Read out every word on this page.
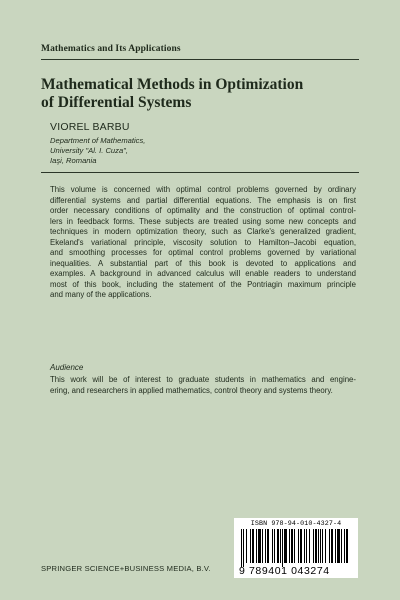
Mathematics and Its Applications
Mathematical Methods in Optimization
of Differential Systems
VIOREL BARBU
Department of Mathematics,
University "Al. I. Cuza",
Iaşi, Romania
This volume is concerned with optimal control problems governed by ordinary
differential systems and partial differential equations. The emphasis is on first
order necessary conditions of optimality and the construction of optimal control-
lers in feedback forms. These subjects are treated using some new concepts and
techniques in modern optimization theory, such as Clarke's generalized gradient,
Ekeland's variational principle, viscosity solution to Hamilton–Jacobi equation,
and smoothing processes for optimal control problems governed by variational
inequalities. A substantial part of this book is devoted to applications and
examples. A background in advanced calculus will enable readers to understand
most of this book, including the statement of the Pontriagin maximum principle
and many of the applications.
Audience
This work will be of interest to graduate students in mathematics and engine-
ering, and researchers in applied mathematics, control theory and systems theory.
ISBN 978-94-010-4327-4
9 789401 043274
SPRINGER SCIENCE+BUSINESS MEDIA, B.V.
